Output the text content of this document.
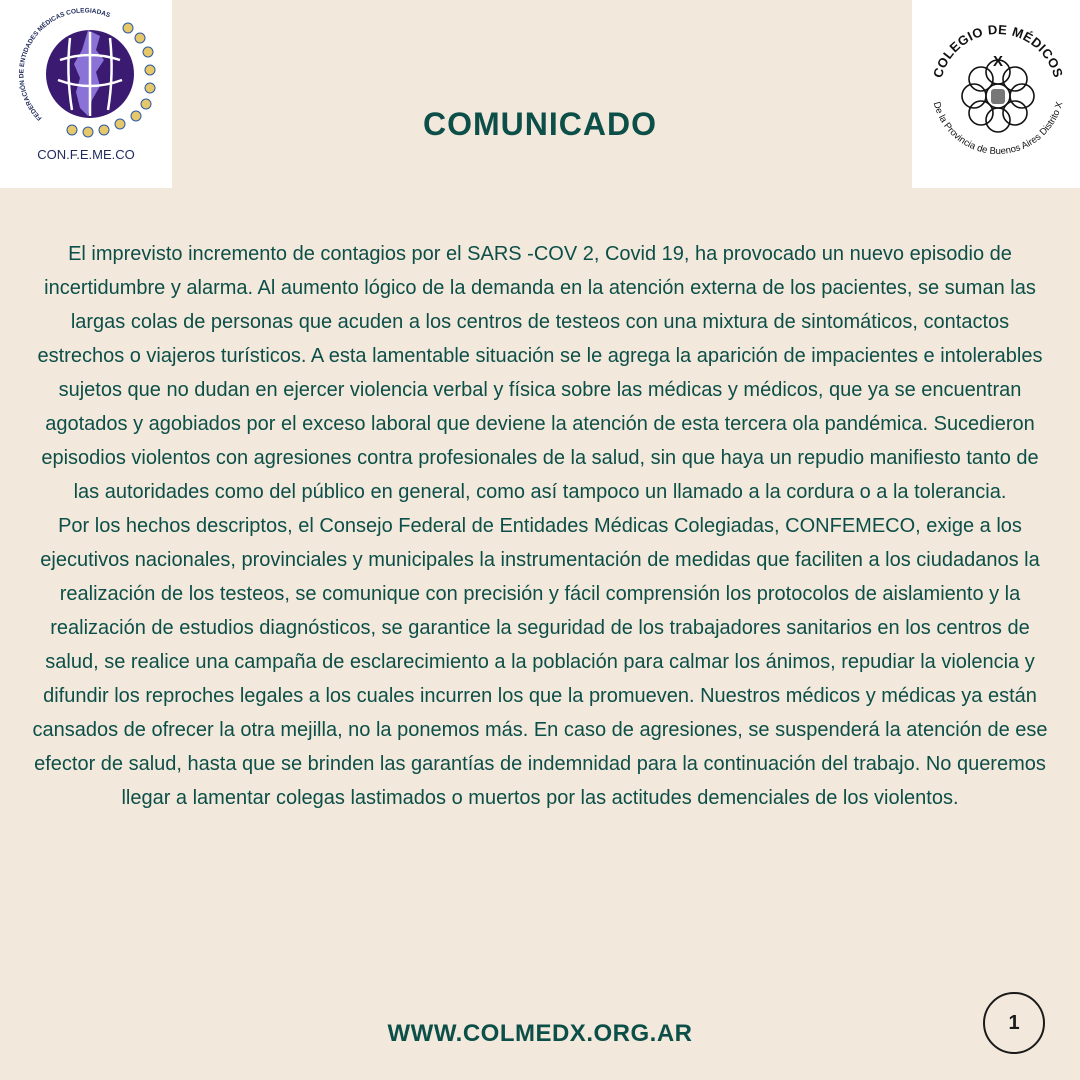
FEDERACIÓN DE ENTIDADES MÉDICAS COLEGIADAS
CON.F.E.ME.CO
COLEGIO DE MÉDICOS
De la Provincia de Buenos Aires Distrito X
X
COMUNICADO

El imprevisto incremento de contagios por el SARS -COV 2, Covid 19, ha provocado un nuevo episodio de incertidumbre y alarma. Al aumento lógico de la demanda en la atención externa de los pacientes, se suman las largas colas de personas que acuden a los centros de testeos con una mixtura de sintomáticos, contactos estrechos o viajeros turísticos. A esta lamentable situación se le agrega la aparición de impacientes e intolerables sujetos que no dudan en ejercer violencia verbal y física sobre las médicas y médicos, que ya se encuentran agotados y agobiados por el exceso laboral que deviene la atención de esta tercera ola pandémica. Sucedieron episodios violentos con agresiones contra profesionales de la salud, sin que haya un repudio manifiesto tanto de las autoridades como del público en general, como así tampoco un llamado a la cordura o a la tolerancia.

Por los hechos descriptos, el Consejo Federal de Entidades Médicas Colegiadas, CONFEMECO, exige a los ejecutivos nacionales, provinciales y municipales la instrumentación de medidas que faciliten a los ciudadanos la realización de los testeos, se comunique con precisión y fácil comprensión los protocolos de aislamiento y la realización de estudios diagnósticos, se garantice la seguridad de los trabajadores sanitarios en los centros de salud, se realice una campaña de esclarecimiento a la población para calmar los ánimos, repudiar la violencia y difundir los reproches legales a los cuales incurren los que la promueven. Nuestros médicos y médicas ya están cansados de ofrecer la otra mejilla, no la ponemos más. En caso de agresiones, se suspenderá la atención de ese efector de salud, hasta que se brinden las garantías de indemnidad para la continuación del trabajo. No queremos llegar a lamentar colegas lastimados o muertos por las actitudes demenciales de los violentos.

WWW.COLMEDX.ORG.AR	1
